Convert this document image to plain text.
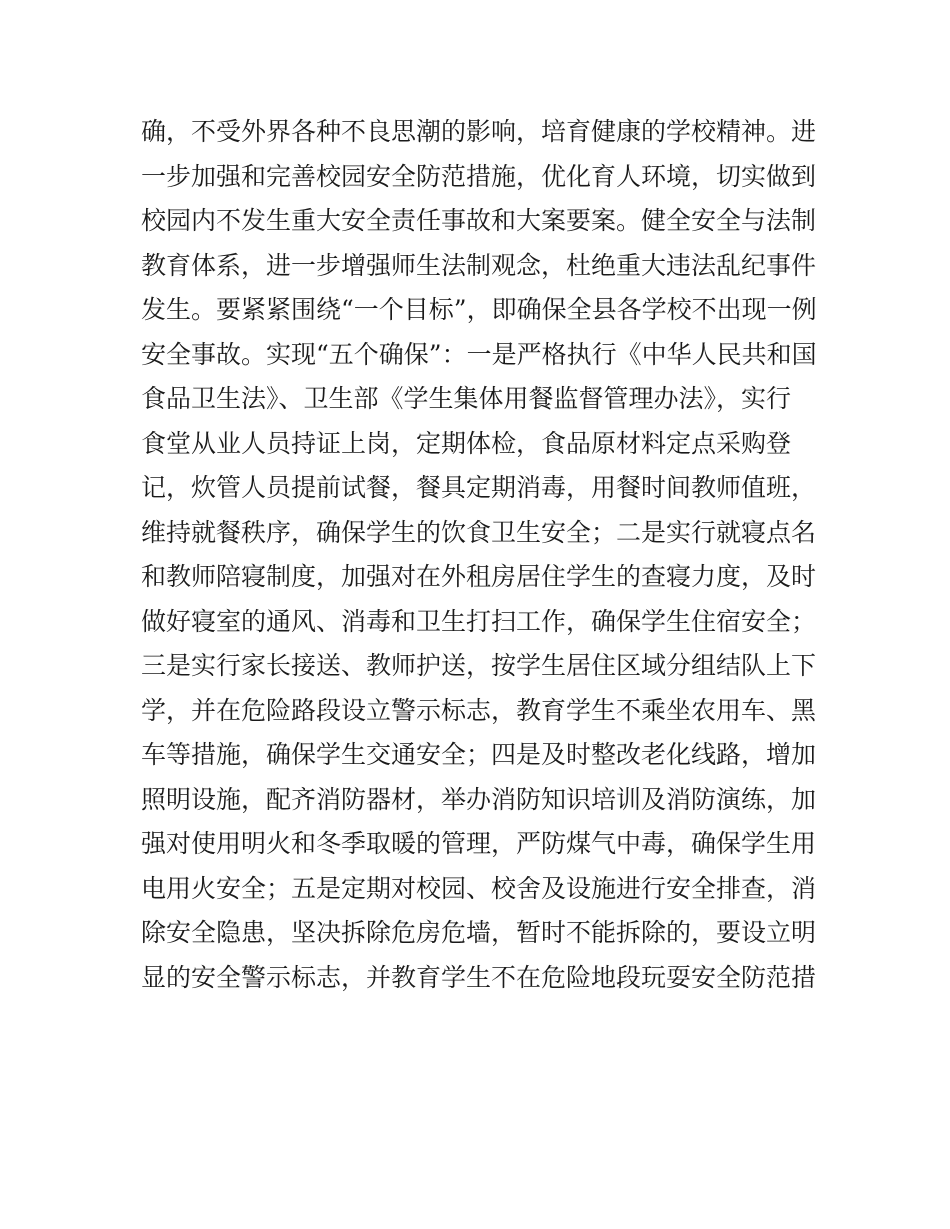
确，不受外界各种不良思潮的影响，培育健康的学校精神。进
一步加强和完善校园安全防范措施，优化育人环境，切实做到
校园内不发生重大安全责任事故和大案要案。健全安全与法制
教育体系，进一步增强师生法制观念，杜绝重大违法乱纪事件
发生。要紧紧围绕“一个目标”，即确保全县各学校不出现一例
安全事故。实现“五个确保”：一是严格执行《中华人民共和国
食品卫生法》、卫生部《学生集体用餐监督管理办法》，实行
食堂从业人员持证上岗，定期体检，食品原材料定点采购登
记，炊管人员提前试餐，餐具定期消毒，用餐时间教师值班，
维持就餐秩序，确保学生的饮食卫生安全；二是实行就寝点名
和教师陪寝制度，加强对在外租房居住学生的查寝力度，及时
做好寝室的通风、消毒和卫生打扫工作，确保学生住宿安全；
三是实行家长接送、教师护送，按学生居住区域分组结队上下
学，并在危险路段设立警示标志，教育学生不乘坐农用车、黑
车等措施，确保学生交通安全；四是及时整改老化线路，增加
照明设施，配齐消防器材，举办消防知识培训及消防演练，加
强对使用明火和冬季取暖的管理，严防煤气中毒，确保学生用
电用火安全；五是定期对校园、校舍及设施进行安全排查，消
除安全隐患，坚决拆除危房危墙，暂时不能拆除的，要设立明
显的安全警示标志，并教育学生不在危险地段玩耍安全防范措
